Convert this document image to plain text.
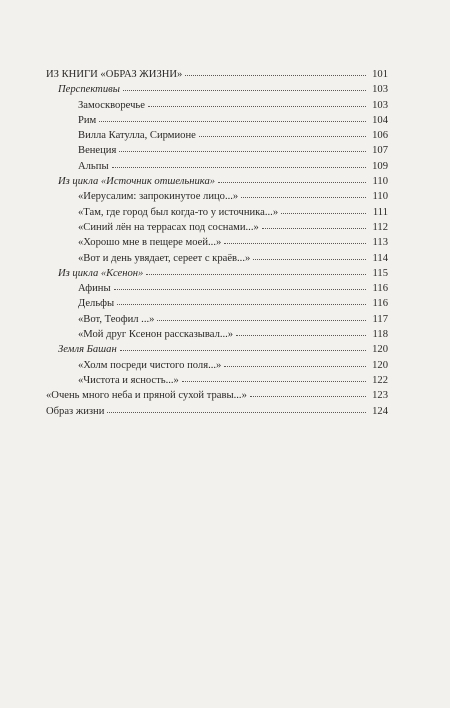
ИЗ КНИГИ «ОБРАЗ ЖИЗНИ»	101
Перспективы	103
Замоскворечье	103
Рим	104
Вилла Катулла, Сирмионе	106
Венеция	107
Альпы	109
Из цикла «Источник отшельника»	110
«Иерусалим: запрокинутое лицо...»	110
«Там, где город был когда-то у источника...»	111
«Синий лён на террасах под соснами...»	112
«Хорошо мне в пещере моей...»	113
«Вот и день увядает, сереет с краёв...»	114
Из цикла «Ксенон»	115
Афины	116
Дельфы	116
«Вот, Теофил ...»	117
«Мой друг Ксенон рассказывал...»	118
Земля Башан	120
«Холм посреди чистого поля...»	120
«Чистота и ясность...»	122
«Очень много неба и пряной сухой травы...»	123
Образ жизни	124
